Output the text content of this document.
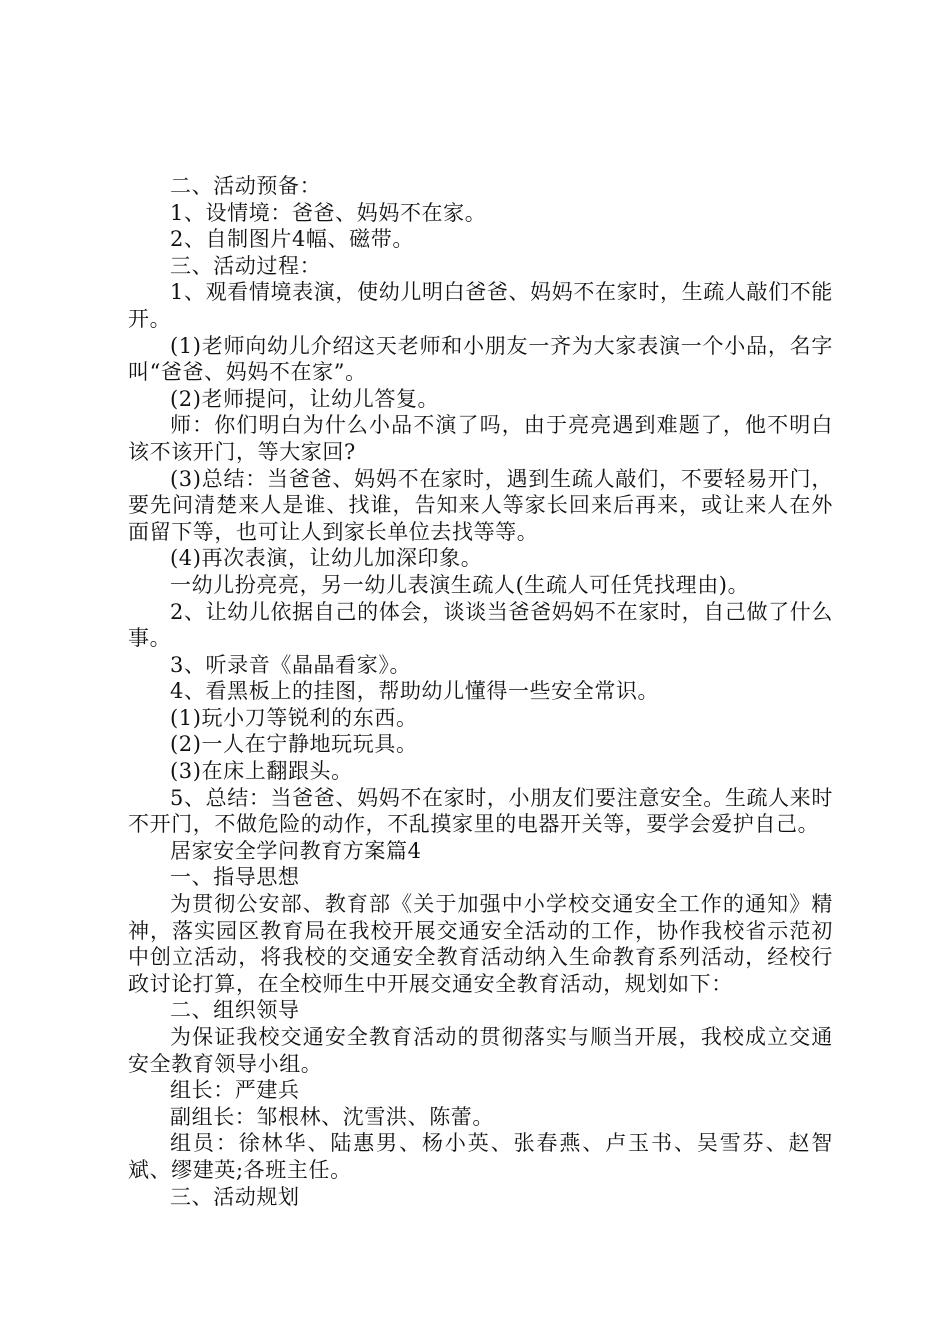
二、活动预备：

1、设情境：爸爸、妈妈不在家。

2、自制图片4幅、磁带。

三、活动过程：

1、观看情境表演，使幼儿明白爸爸、妈妈不在家时，生疏人敲们不能开。

(1)老师向幼儿介绍这天老师和小朋友一齐为大家表演一个小品，名字叫“爸爸、妈妈不在家”。

(2)老师提问，让幼儿答复。

师：你们明白为什么小品不演了吗，由于亮亮遇到难题了，他不明白该不该开门，等大家回?

(3)总结：当爸爸、妈妈不在家时，遇到生疏人敲们，不要轻易开门，要先问清楚来人是谁、找谁，告知来人等家长回来后再来，或让来人在外面留下等，也可让人到家长单位去找等等。

(4)再次表演，让幼儿加深印象。

一幼儿扮亮亮，另一幼儿表演生疏人(生疏人可任凭找理由)。

2、让幼儿依据自己的体会，谈谈当爸爸妈妈不在家时，自己做了什么事。

3、听录音《晶晶看家》。

4、看黑板上的挂图，帮助幼儿懂得一些安全常识。

(1)玩小刀等锐利的东西。

(2)一人在宁静地玩玩具。

(3)在床上翻跟头。

5、总结：当爸爸、妈妈不在家时，小朋友们要注意安全。生疏人来时不开门，不做危险的动作，不乱摸家里的电器开关等，要学会爱护自己。

居家安全学问教育方案篇4

一、指导思想

为贯彻公安部、教育部《关于加强中小学校交通安全工作的通知》精神，落实园区教育局在我校开展交通安全活动的工作，协作我校省示范初中创立活动，将我校的交通安全教育活动纳入生命教育系列活动，经校行政讨论打算，在全校师生中开展交通安全教育活动，规划如下：

二、组织领导

为保证我校交通安全教育活动的贯彻落实与顺当开展，我校成立交通安全教育领导小组。

组长：严建兵

副组长：邹根林、沈雪洪、陈蕾。

组员：徐林华、陆惠男、杨小英、张春燕、卢玉书、吴雪芬、赵智斌、缪建英;各班主任。

三、活动规划
